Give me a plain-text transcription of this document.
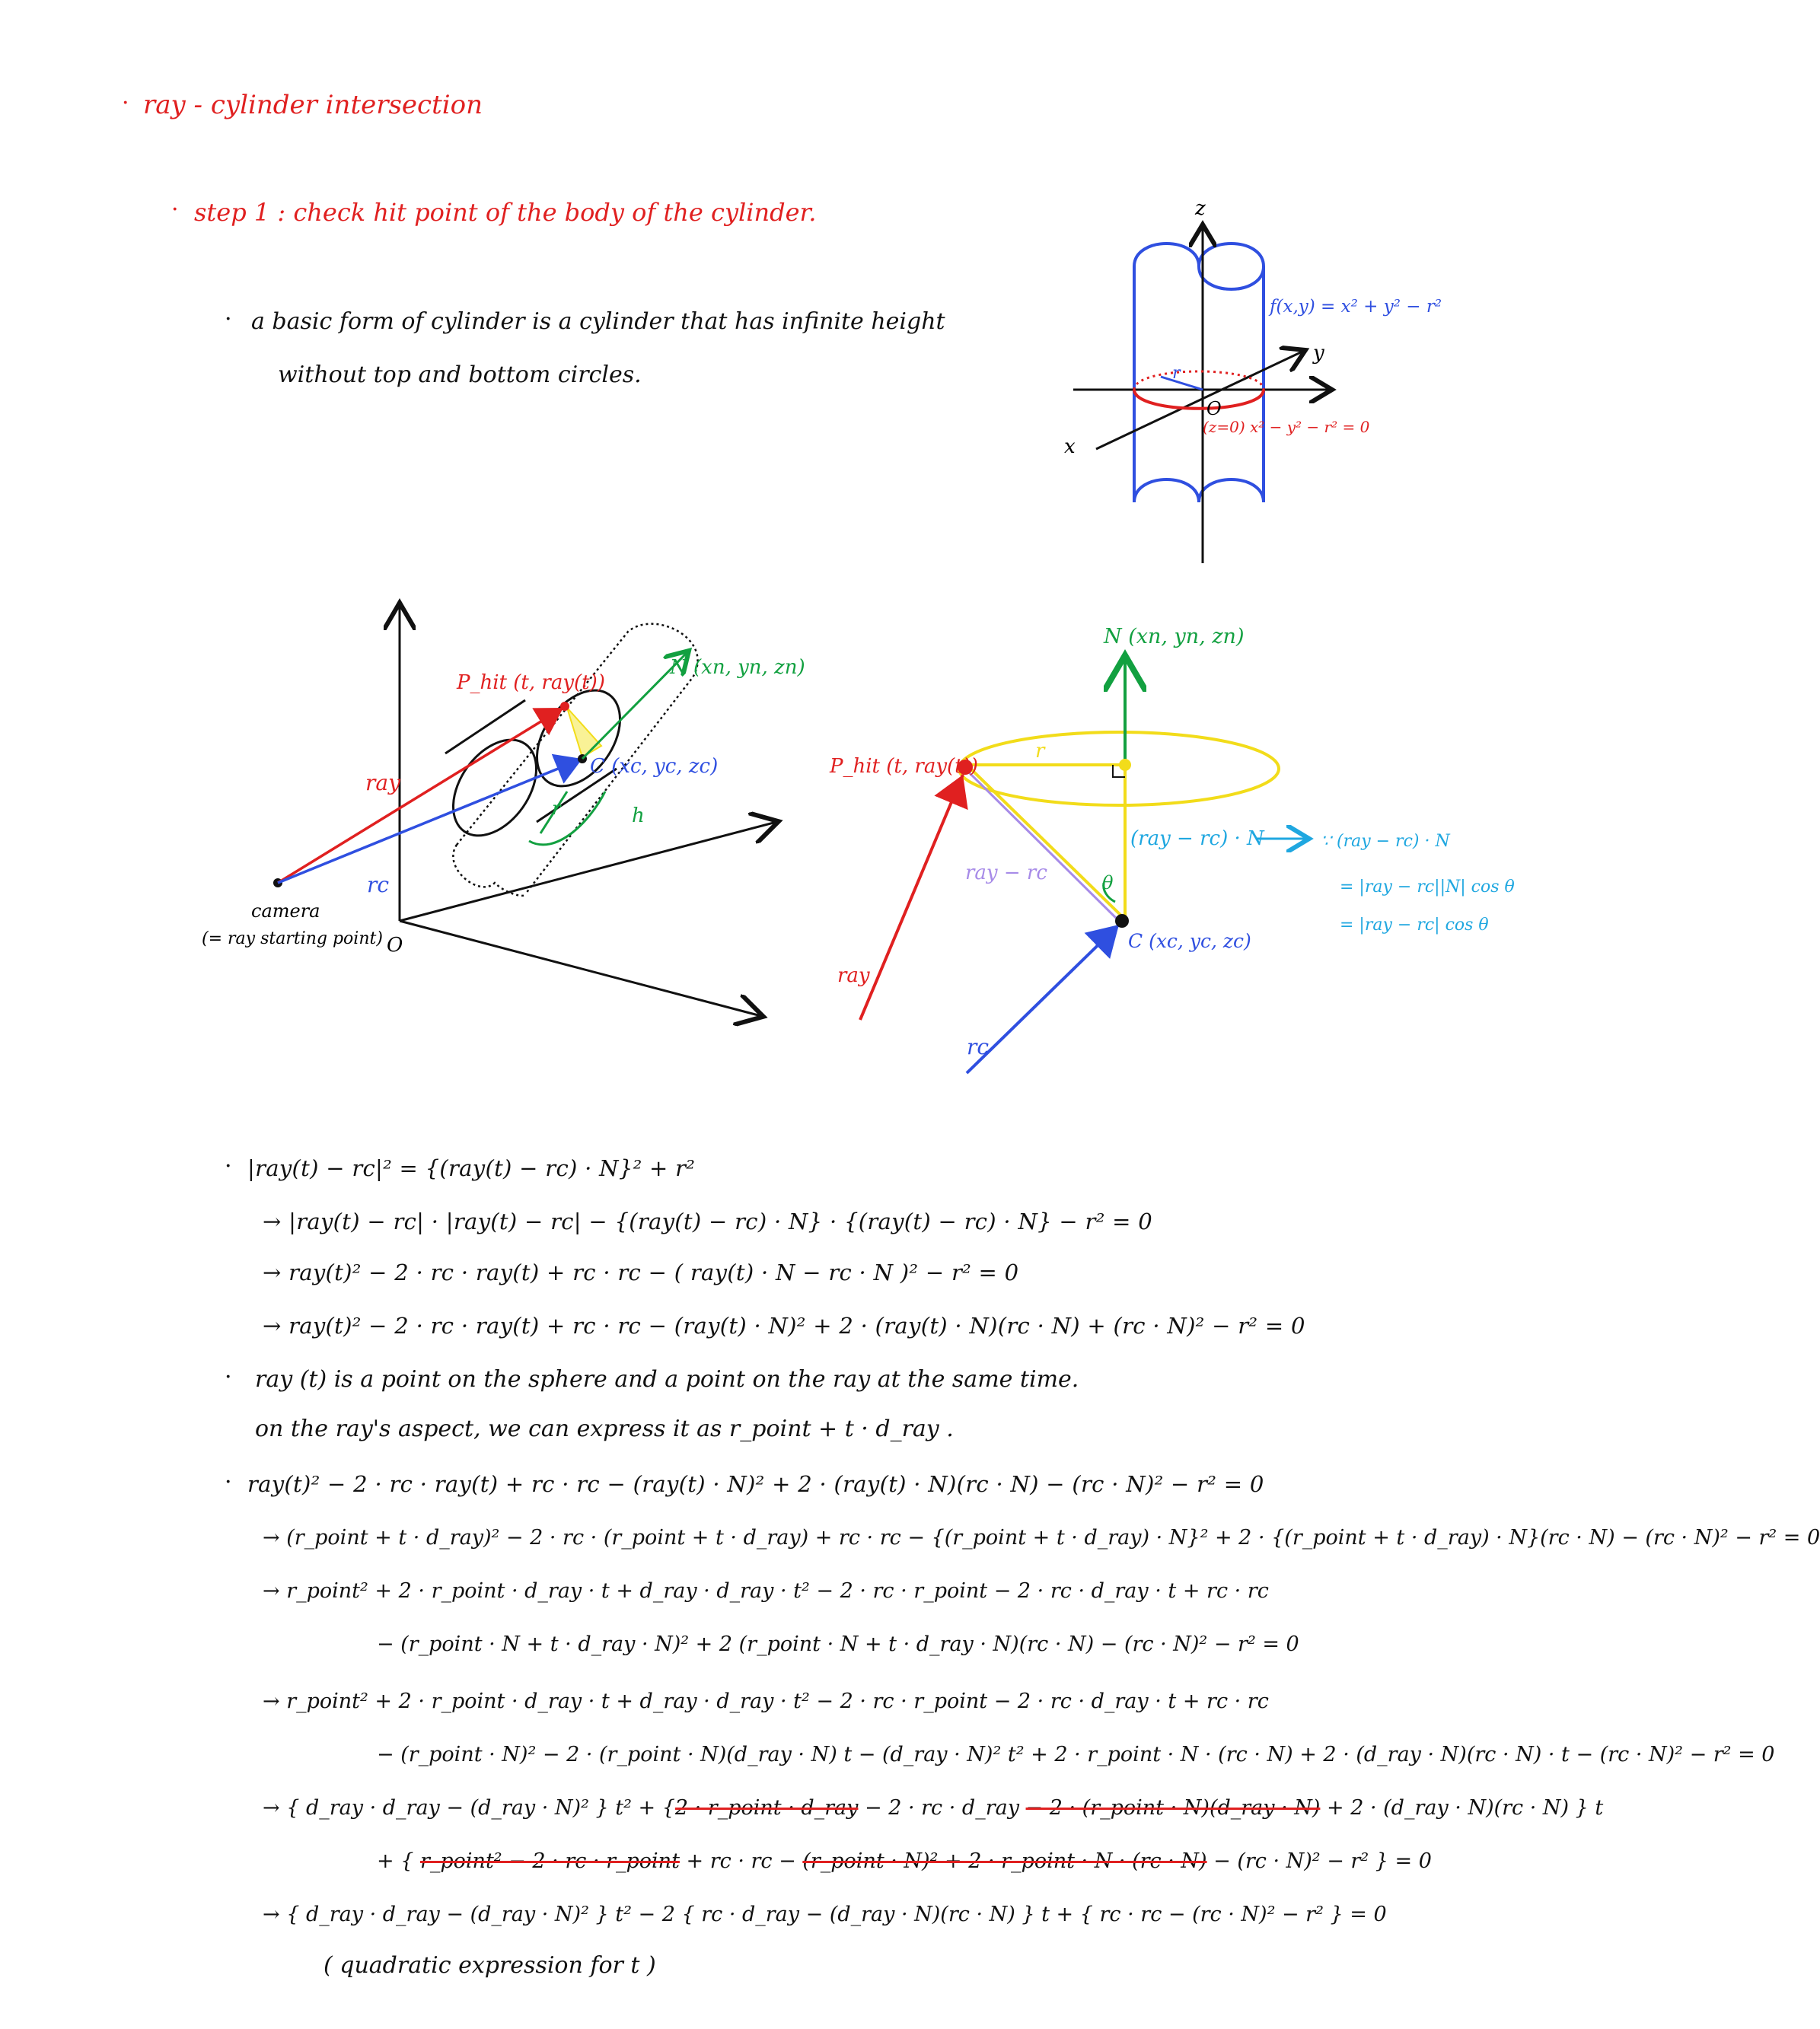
· ray - cylinder intersection
· step 1 : check hit point of the body of the cylinder.
· a basic form of cylinder is a cylinder that has infinite height
without top and bottom circles.
z
y
x
r
O
f(x,y) = x² + y² − r²
(z=0) x² − y² − r² = 0
O
P_hit (t, ray(t))
N (xn, yn, zn)
C (xc, yc, zc)
ray
rc
r	h
camera
(= ray starting point)
N (xn, yn, zn)
P_hit (t, ray(t))
r
(ray − rc) · N
ray − rc	θ
C (xc, yc, zc)
ray
rc
∵ (ray − rc) · N
= |ray − rc||N| cos θ
= |ray − rc| cos θ
· |ray(t) − rc|² = {(ray(t) − rc) · N}² + r²
→ |ray(t) − rc| · |ray(t) − rc| − {(ray(t) − rc) · N} · {(ray(t) − rc) · N} − r² = 0
→ ray(t)² − 2 · rc · ray(t) + rc · rc − ( ray(t) · N − rc · N )² − r² = 0
→ ray(t)² − 2 · rc · ray(t) + rc · rc − (ray(t) · N)² + 2 · (ray(t) · N)(rc · N) + (rc · N)² − r² = 0
· ray (t) is a point on the sphere and a point on the ray at the same time.
on the ray's aspect, we can express it as r_point + t · d_ray .
· ray(t)² − 2 · rc · ray(t) + rc · rc − (ray(t) · N)² + 2 · (ray(t) · N)(rc · N) − (rc · N)² − r² = 0
→ (r_point + t · d_ray)² − 2 · rc · (r_point + t · d_ray) + rc · rc − {(r_point + t · d_ray) · N}² + 2 · {(r_point + t · d_ray) · N}(rc · N) − (rc · N)² − r² = 0
→ r_point² + 2 · r_point · d_ray · t + d_ray · d_ray · t² − 2 · rc · r_point − 2 · rc · d_ray · t + rc · rc
− (r_point · N + t · d_ray · N)² + 2 (r_point · N + t · d_ray · N)(rc · N) − (rc · N)² − r² = 0
→ r_point² + 2 · r_point · d_ray · t + d_ray · d_ray · t² − 2 · rc · r_point − 2 · rc · d_ray · t + rc · rc
− (r_point · N)² − 2 · (r_point · N)(d_ray · N) t − (d_ray · N)² t² + 2 · r_point · N · (rc · N) + 2 · (d_ray · N)(rc · N) · t − (rc · N)² − r² = 0
→ { d_ray · d_ray − (d_ray · N)² } t² + {2 · r_point · d_ray − 2 · rc · d_ray − 2 · (r_point · N)(d_ray · N) + 2 · (d_ray · N)(rc · N) } t
+ { r_point² − 2 · rc · r_point + rc · rc − (r_point · N)² + 2 · r_point · N · (rc · N) − (rc · N)² − r² } = 0
→ { d_ray · d_ray − (d_ray · N)² } t² − 2 { rc · d_ray − (d_ray · N)(rc · N) } t + { rc · rc − (rc · N)² − r² } = 0
( quadratic expression for t )
